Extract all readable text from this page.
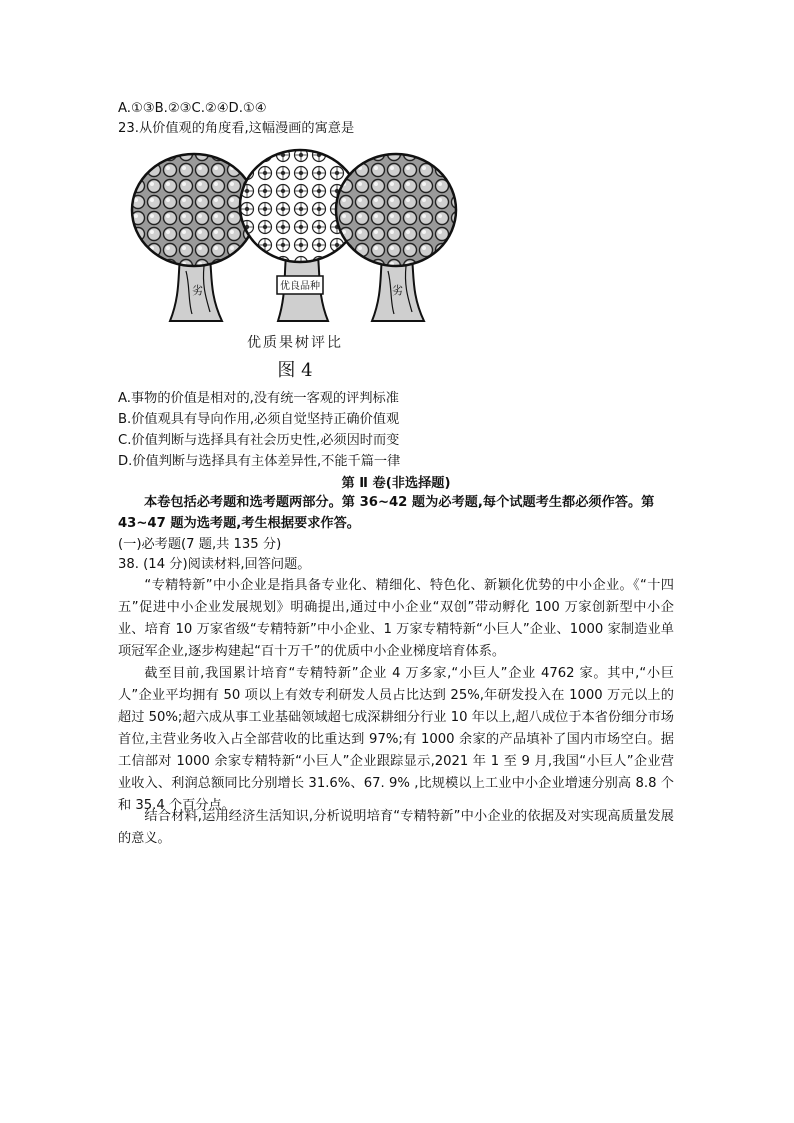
A.①③B.②③C.②④D.①④
23.从价值观的角度看,这幅漫画的寓意是
劣	优良品种	劣
优质果树评比
图 4
A.事物的价值是相对的,没有统一客观的评判标准
B.价值观具有导向作用,必须自觉坚持正确价值观
C.价值判断与选择具有社会历史性,必须因时而变
D.价值判断与选择具有主体差异性,不能千篇一律
第 Ⅱ 卷(非选择题)
本卷包括必考题和选考题两部分。第 36~42 题为必考题,每个试题考生都必须作答。第
43~47 题为选考题,考生根据要求作答。
(一)必考题(7 题,共 135 分)
38. (14 分)阅读材料,回答问题。

“专精特新”中小企业是指具备专业化、精细化、特色化、新颖化优势的中小企业。《“十四五”促进中小企业发展规划》明确提出,通过中小企业“双创”带动孵化 100 万家创新型中小企业、培育 10 万家省级“专精特新”中小企业、1 万家专精特新“小巨人”企业、1000 家制造业单项冠军企业,逐步构建起“百十万千”的优质中小企业梯度培育体系。

截至目前,我国累计培育“专精特新”企业 4 万多家,“小巨人”企业 4762 家。其中,“小巨人”企业平均拥有 50 项以上有效专利研发人员占比达到 25%,年研发投入在 1000 万元以上的超过 50%;超六成从事工业基础领域超七成深耕细分行业 10 年以上,超八成位于本省份细分市场首位,主营业务收入占全部营收的比重达到 97%;有 1000 余家的产品填补了国内市场空白。据工信部对 1000 余家专精特新“小巨人”企业跟踪显示,2021 年 1 至 9 月,我国“小巨人”企业营业收入、利润总额同比分别增长 31.6%、67. 9% ,比规模以上工业中小企业增速分别高 8.8 个和 35.4 个百分点。

结合材料,运用经济生活知识,分析说明培育“专精特新”中小企业的依据及对实现高质量发展的意义。
